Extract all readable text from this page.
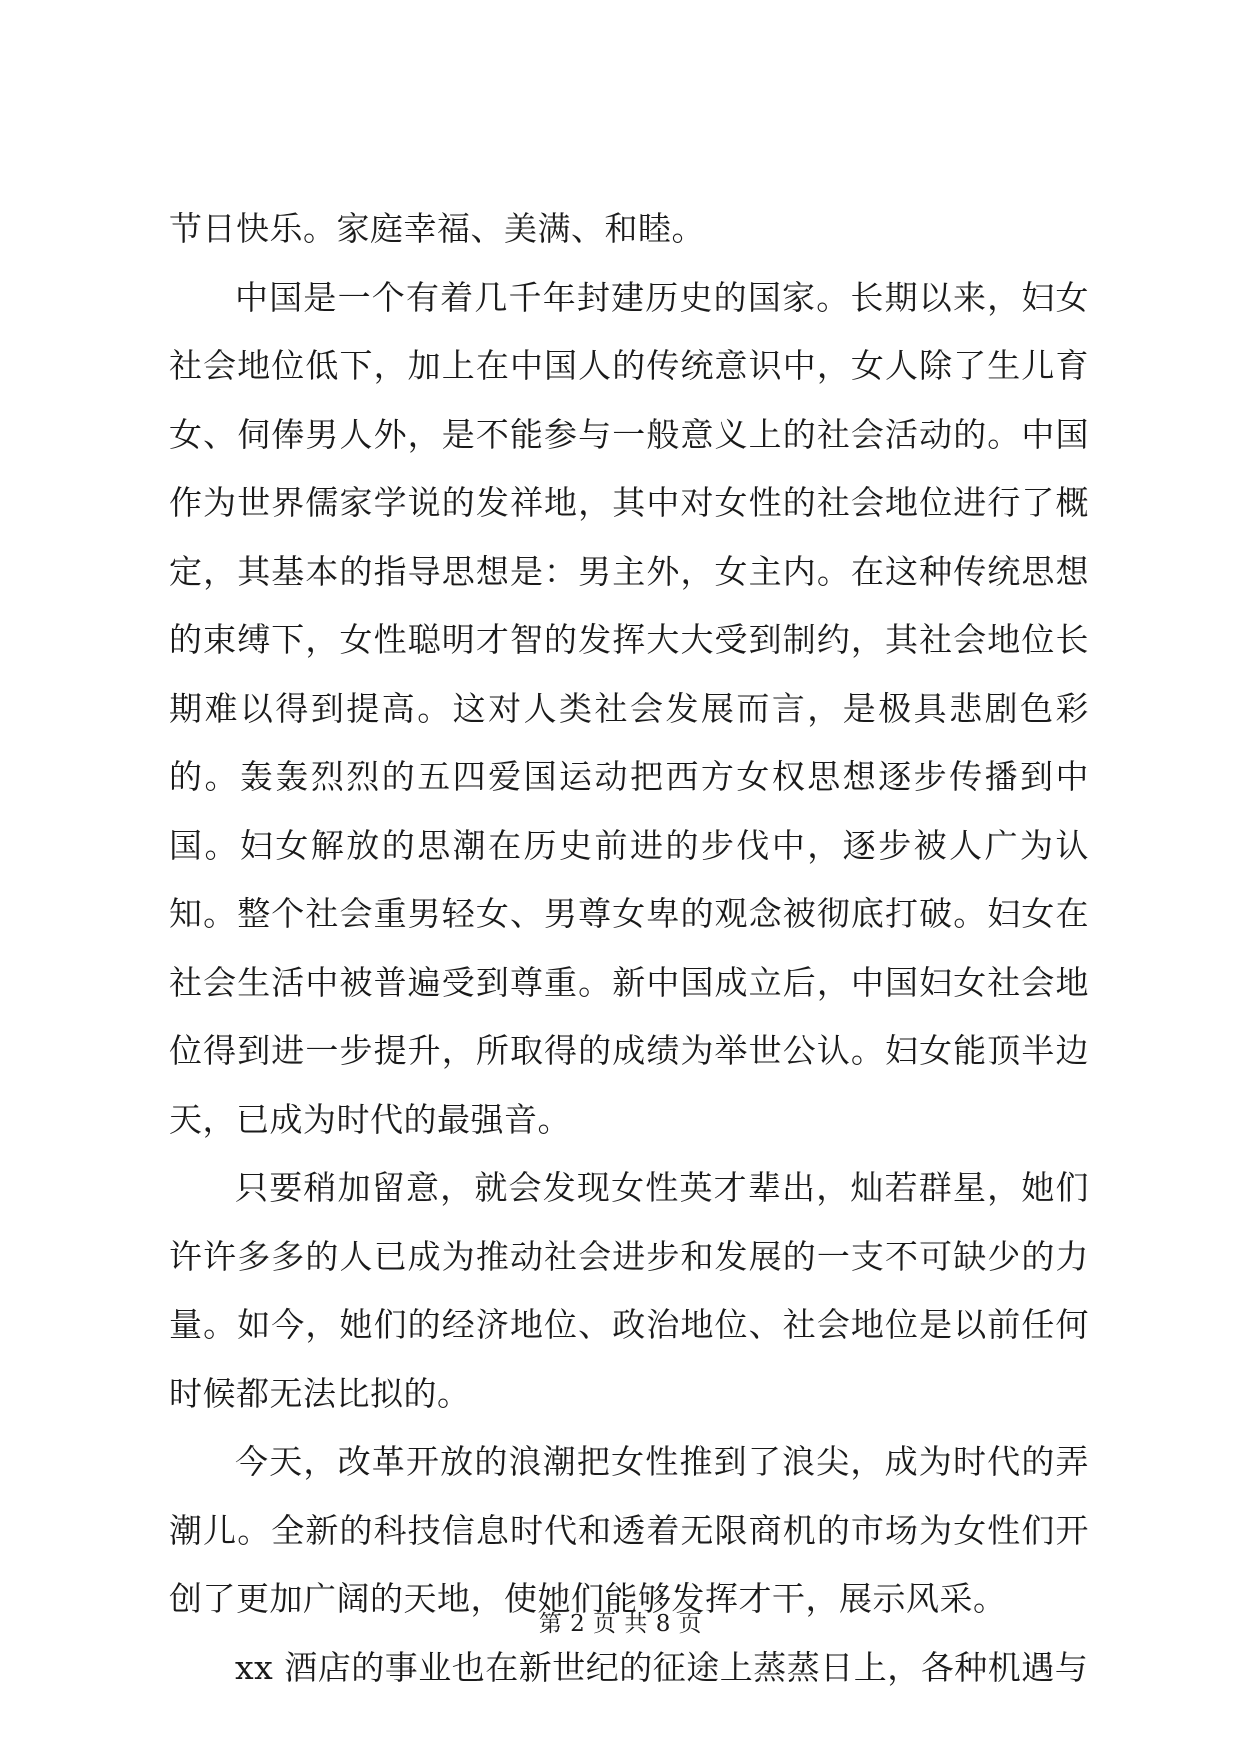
节日快乐。家庭幸福、美满、和睦。

中国是一个有着几千年封建历史的国家。长期以来，妇女社会地位低下，加上在中国人的传统意识中，女人除了生儿育女、伺俸男人外，是不能参与一般意义上的社会活动的。中国作为世界儒家学说的发祥地，其中对女性的社会地位进行了概定，其基本的指导思想是：男主外，女主内。在这种传统思想的束缚下，女性聪明才智的发挥大大受到制约，其社会地位长期难以得到提高。这对人类社会发展而言，是极具悲剧色彩的。轰轰烈烈的五四爱国运动把西方女权思想逐步传播到中国。妇女解放的思潮在历史前进的步伐中，逐步被人广为认知。整个社会重男轻女、男尊女卑的观念被彻底打破。妇女在社会生活中被普遍受到尊重。新中国成立后，中国妇女社会地位得到进一步提升，所取得的成绩为举世公认。妇女能顶半边天，已成为时代的最强音。

只要稍加留意，就会发现女性英才辈出，灿若群星，她们许许多多的人已成为推动社会进步和发展的一支不可缺少的力量。如今，她们的经济地位、政治地位、社会地位是以前任何时候都无法比拟的。

今天，改革开放的浪潮把女性推到了浪尖，成为时代的弄潮儿。全新的科技信息时代和透着无限商机的市场为女性们开创了更加广阔的天地，使她们能够发挥才干，展示风采。

xx 酒店的事业也在新世纪的征途上蒸蒸日上，各种机遇与

第 2 页 共 8 页
